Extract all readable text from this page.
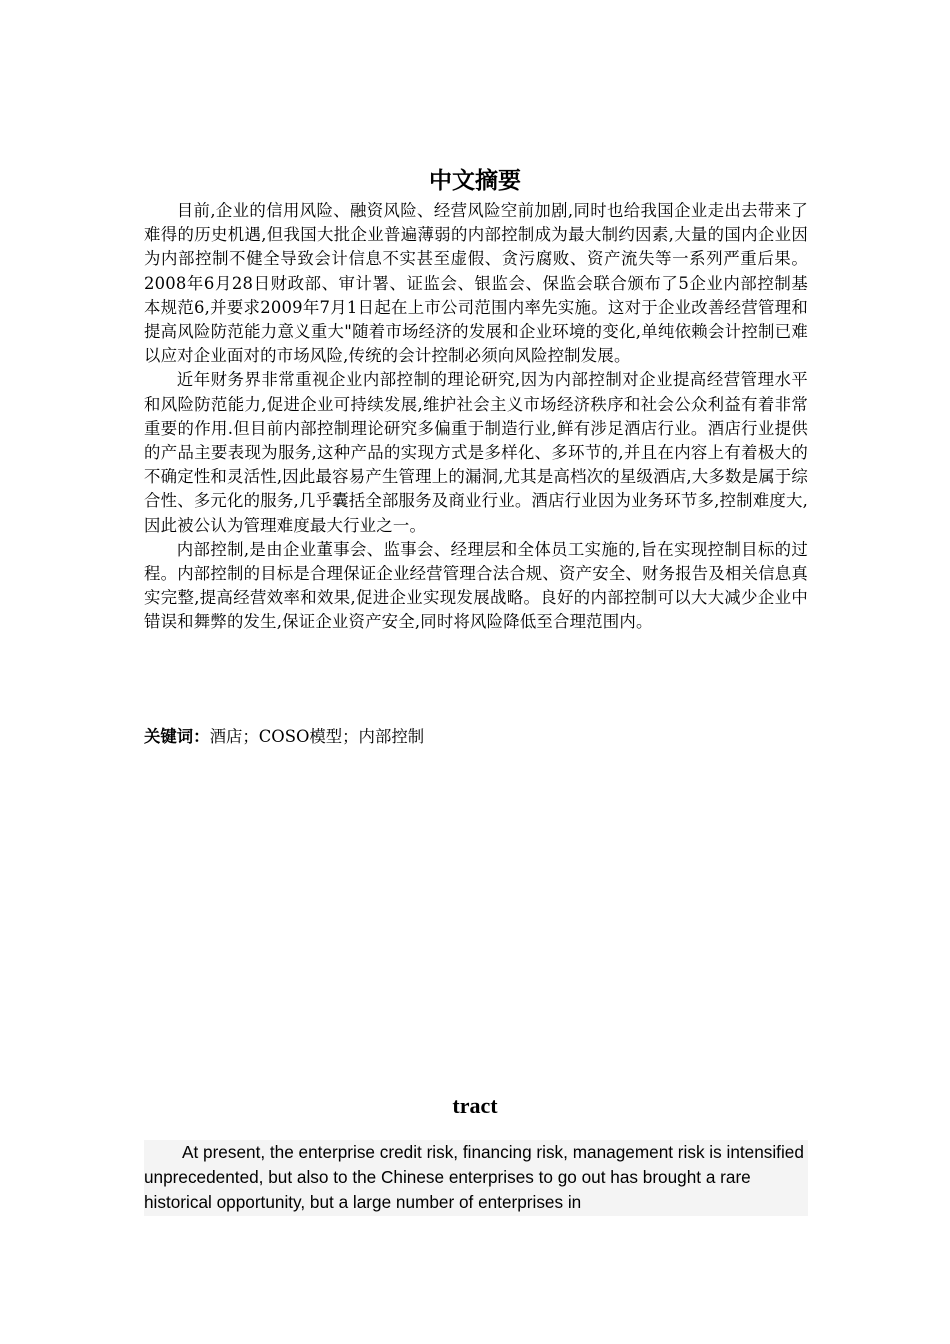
中文摘要

目前,企业的信用风险、融资风险、经营风险空前加剧,同时也给我国企业走出去带来了难得的历史机遇,但我国大批企业普遍薄弱的内部控制成为最大制约因素,大量的国内企业因为内部控制不健全导致会计信息不实甚至虚假、贪污腐败、资产流失等一系列严重后果。2008年6月28日财政部、审计署、证监会、银监会、保监会联合颁布了5企业内部控制基本规范6,并要求2009年7月1日起在上市公司范围内率先实施。这对于企业改善经营管理和提高风险防范能力意义重大"随着市场经济的发展和企业环境的变化,单纯依赖会计控制已难以应对企业面对的市场风险,传统的会计控制必须向风险控制发展。

近年财务界非常重视企业内部控制的理论研究,因为内部控制对企业提高经营管理水平和风险防范能力,促进企业可持续发展,维护社会主义市场经济秩序和社会公众利益有着非常重要的作用.但目前内部控制理论研究多偏重于制造行业,鲜有涉足酒店行业。酒店行业提供的产品主要表现为服务,这种产品的实现方式是多样化、多环节的,并且在内容上有着极大的不确定性和灵活性,因此最容易产生管理上的漏洞,尤其是高档次的星级酒店,大多数是属于综合性、多元化的服务,几乎囊括全部服务及商业行业。酒店行业因为业务环节多,控制难度大,因此被公认为管理难度最大行业之一。

内部控制,是由企业董事会、监事会、经理层和全体员工实施的,旨在实现控制目标的过程。内部控制的目标是合理保证企业经营管理合法合规、资产安全、财务报告及相关信息真实完整,提高经营效率和效果,促进企业实现发展战略。良好的内部控制可以大大减少企业中错误和舞弊的发生,保证企业资产安全,同时将风险降低至合理范围内。

关键词：酒店；COSO模型；内部控制
tract

At present, the enterprise credit risk, financing risk, management risk is intensified unprecedented, but also to the Chinese enterprises to go out has brought a rare historical opportunity, but a large number of enterprises in
